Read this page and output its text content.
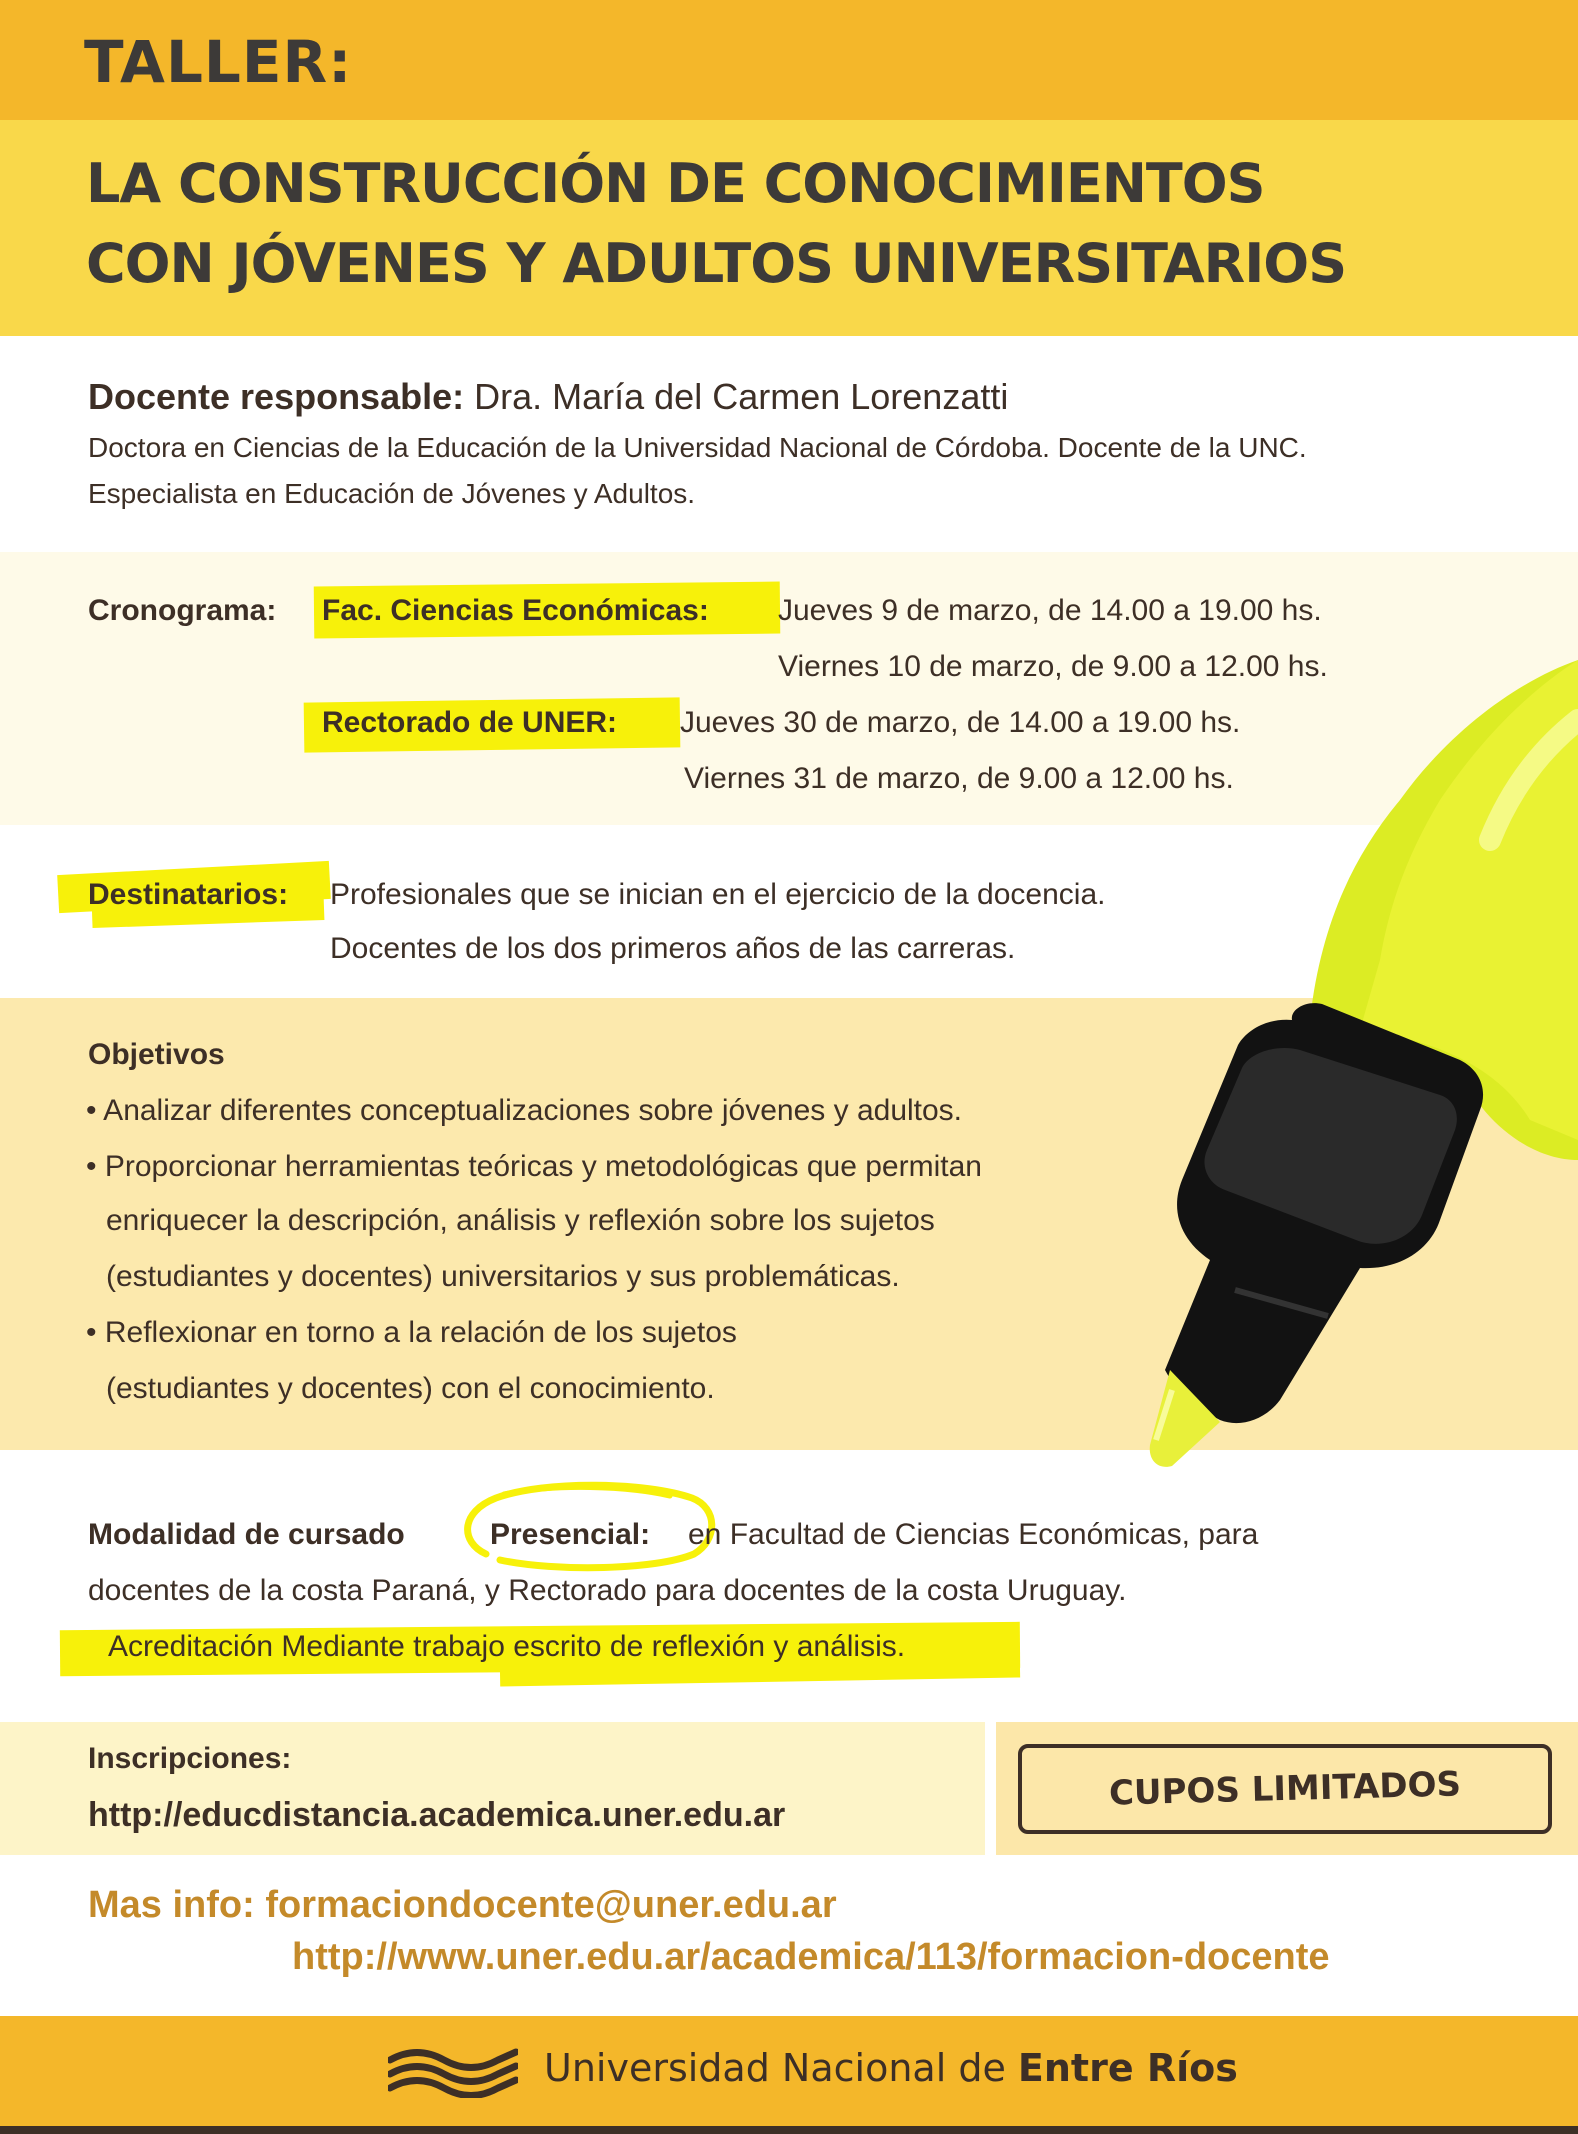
TALLER:
LA CONSTRUCCIÓN DE CONOCIMIENTOS
CON JÓVENES Y ADULTOS UNIVERSITARIOS

Docente responsable: Dra. María del Carmen Lorenzatti

Doctora en Ciencias de la Educación de la Universidad Nacional de Córdoba. Docente de la UNC.

Especialista en Educación de Jóvenes y Adultos.

Cronograma: Fac. Ciencias Económicas: Jueves 9 de marzo, de 14.00 a 19.00 hs.

Viernes 10 de marzo, de 9.00 a 12.00 hs.

Rectorado de UNER: Jueves 30 de marzo, de 14.00 a 19.00 hs.

Viernes 31 de marzo, de 9.00 a 12.00 hs.

Destinatarios: Profesionales que se inician en el ejercicio de la docencia.

Docentes de los dos primeros años de las carreras.

Objetivos

• Analizar diferentes conceptualizaciones sobre jóvenes y adultos.

• Proporcionar herramientas teóricas y metodológicas que permitan

enriquecer la descripción, análisis y reflexión sobre los sujetos

(estudiantes y docentes) universitarios y sus problemáticas.

• Reflexionar en torno a la relación de los sujetos

(estudiantes y docentes) con el conocimiento.

Modalidad de cursado	Presencial: en Facultad de Ciencias Económicas, para

docentes de la costa Paraná, y Rectorado para docentes de la costa Uruguay.

Acreditación Mediante trabajo escrito de reflexión y análisis.

Inscripciones:

http://educdistancia.academica.uner.edu.ar
CUPOS LIMITADOS

Mas info: formaciondocente@uner.edu.ar

http://www.uner.edu.ar/academica/113/formacion-docente

Universidad Nacional de Entre Ríos
